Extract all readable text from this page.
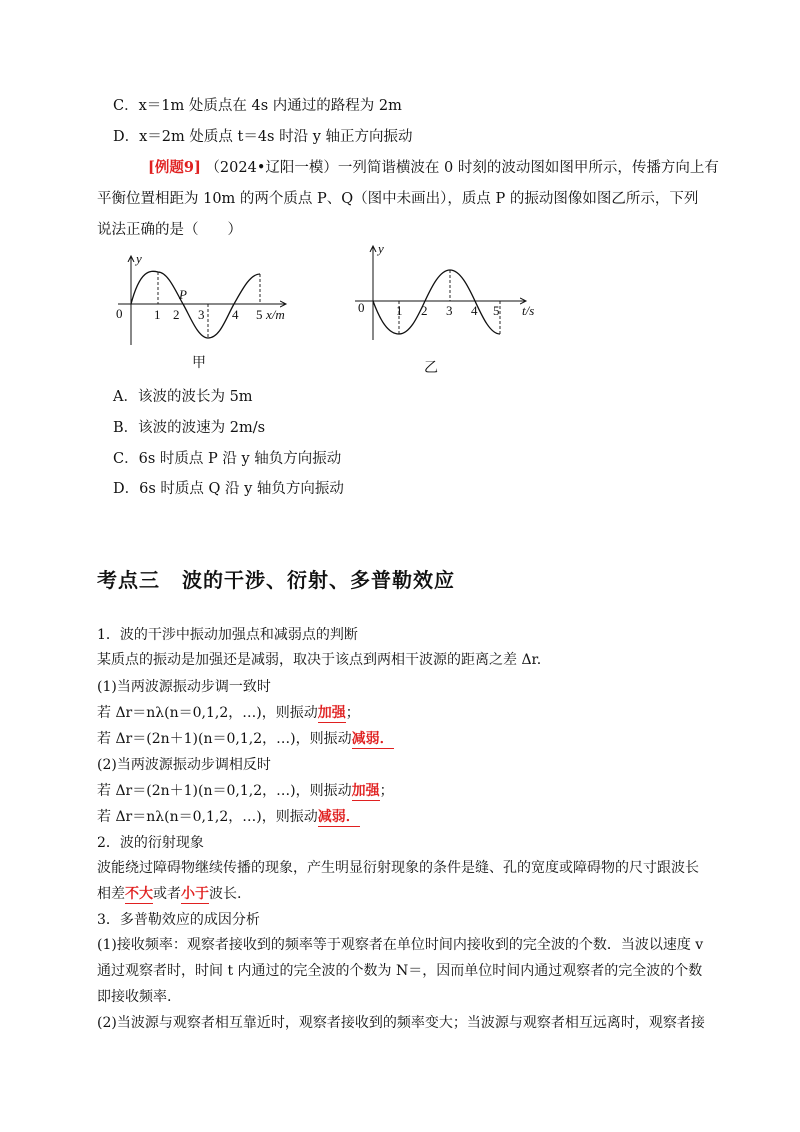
C．x＝1m 处质点在 4s 内通过的路程为 2m
D．x＝2m 处质点 t＝4s 时沿 y 轴正方向振动
[例题9] （2024•辽阳一模）一列简谐横波在 0 时刻的波动图如图甲所示，传播方向上有
平衡位置相距为 10m 的两个质点 P、Q（图中未画出），质点 P 的振动图像如图乙所示，下列
说法正确的是（　　）
y
0 1 2 3 4 5
P
x/m
甲
y
0 1 2 3 4 5 t/s
乙
A．该波的波长为 5m
B．该波的波速为 2m/s
C．6s 时质点 P 沿 y 轴负方向振动
D．6s 时质点 Q 沿 y 轴负方向振动
考点三 波的干涉、衍射、多普勒效应
1．波的干涉中振动加强点和减弱点的判断
某质点的振动是加强还是减弱，取决于该点到两相干波源的距离之差 Δr.
(1)当两波源振动步调一致时
若 Δr＝nλ(n＝0,1,2，…)，则振动加强；
若 Δr＝(2n＋1)(n＝0,1,2，…)，则振动减弱．
(2)当两波源振动步调相反时
若 Δr＝(2n＋1)(n＝0,1,2，…)，则振动加强；
若 Δr＝nλ(n＝0,1,2，…)，则振动减弱．
2．波的衍射现象
波能绕过障碍物继续传播的现象，产生明显衍射现象的条件是缝、孔的宽度或障碍物的尺寸跟波长
相差不大或者小于波长.
3．多普勒效应的成因分析
(1)接收频率：观察者接收到的频率等于观察者在单位时间内接收到的完全波的个数．当波以速度 v
通过观察者时，时间 t 内通过的完全波的个数为 N＝，因而单位时间内通过观察者的完全波的个数
即接收频率.
(2)当波源与观察者相互靠近时，观察者接收到的频率变大；当波源与观察者相互远离时，观察者接
